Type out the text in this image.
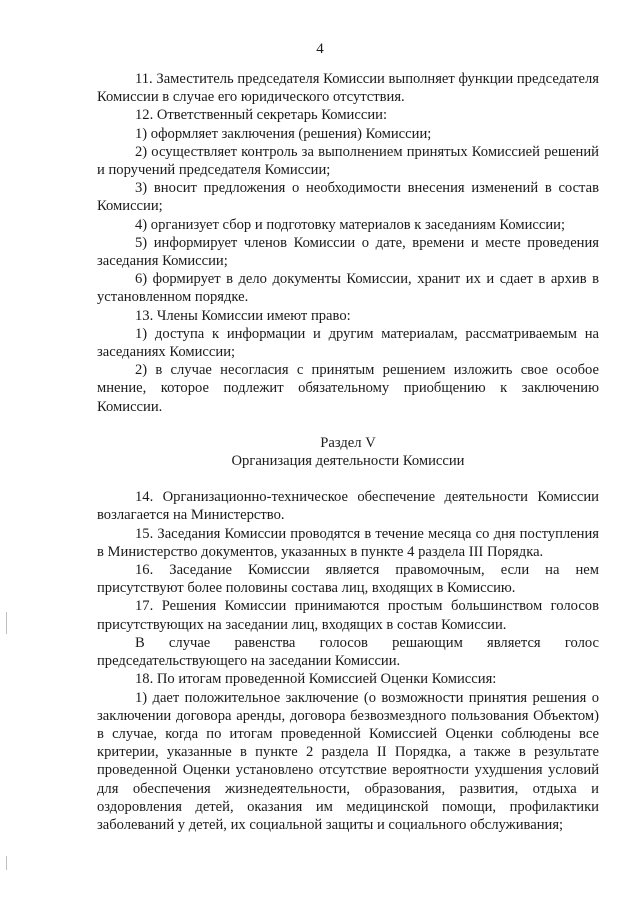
4

11. Заместитель председателя Комиссии выполняет функции председателя Комиссии в случае его юридического отсутствия.

12. Ответственный секретарь Комиссии:

1) оформляет заключения (решения) Комиссии;

2) осуществляет контроль за выполнением принятых Комиссией решений и поручений председателя Комиссии;

3) вносит предложения о необходимости внесения изменений в состав Комиссии;

4) организует сбор и подготовку материалов к заседаниям Комиссии;

5) информирует членов Комиссии о дате, времени и месте проведения заседания Комиссии;

6) формирует в дело документы Комиссии, хранит их и сдает в архив в установленном порядке.

13. Члены Комиссии имеют право:

1) доступа к информации и другим материалам, рассматриваемым на заседаниях Комиссии;

2) в случае несогласия с принятым решением изложить свое особое мнение, которое подлежит обязательному приобщению к заключению Комиссии.

Раздел V
Организация деятельности Комиссии

14. Организационно-техническое обеспечение деятельности Комиссии возлагается на Министерство.

15. Заседания Комиссии проводятся в течение месяца со дня поступления в Министерство документов, указанных в пункте 4 раздела III Порядка.

16. Заседание Комиссии является правомочным, если на нем присутствуют более половины состава лиц, входящих в Комиссию.

17. Решения Комиссии принимаются простым большинством голосов присутствующих на заседании лиц, входящих в состав Комиссии.

В случае равенства голосов решающим является голос председательствующего на заседании Комиссии.

18. По итогам проведенной Комиссией Оценки Комиссия:

1) дает положительное заключение (о возможности принятия решения о заключении договора аренды, договора безвозмездного пользования Объектом) в случае, когда по итогам проведенной Комиссией Оценки соблюдены все критерии, указанные в пункте 2 раздела II Порядка, а также в результате проведенной Оценки установлено отсутствие вероятности ухудшения условий для обеспечения жизнедеятельности, образования, развития, отдыха и оздоровления детей, оказания им медицинской помощи, профилактики заболеваний у детей, их социальной защиты и социального обслуживания;
